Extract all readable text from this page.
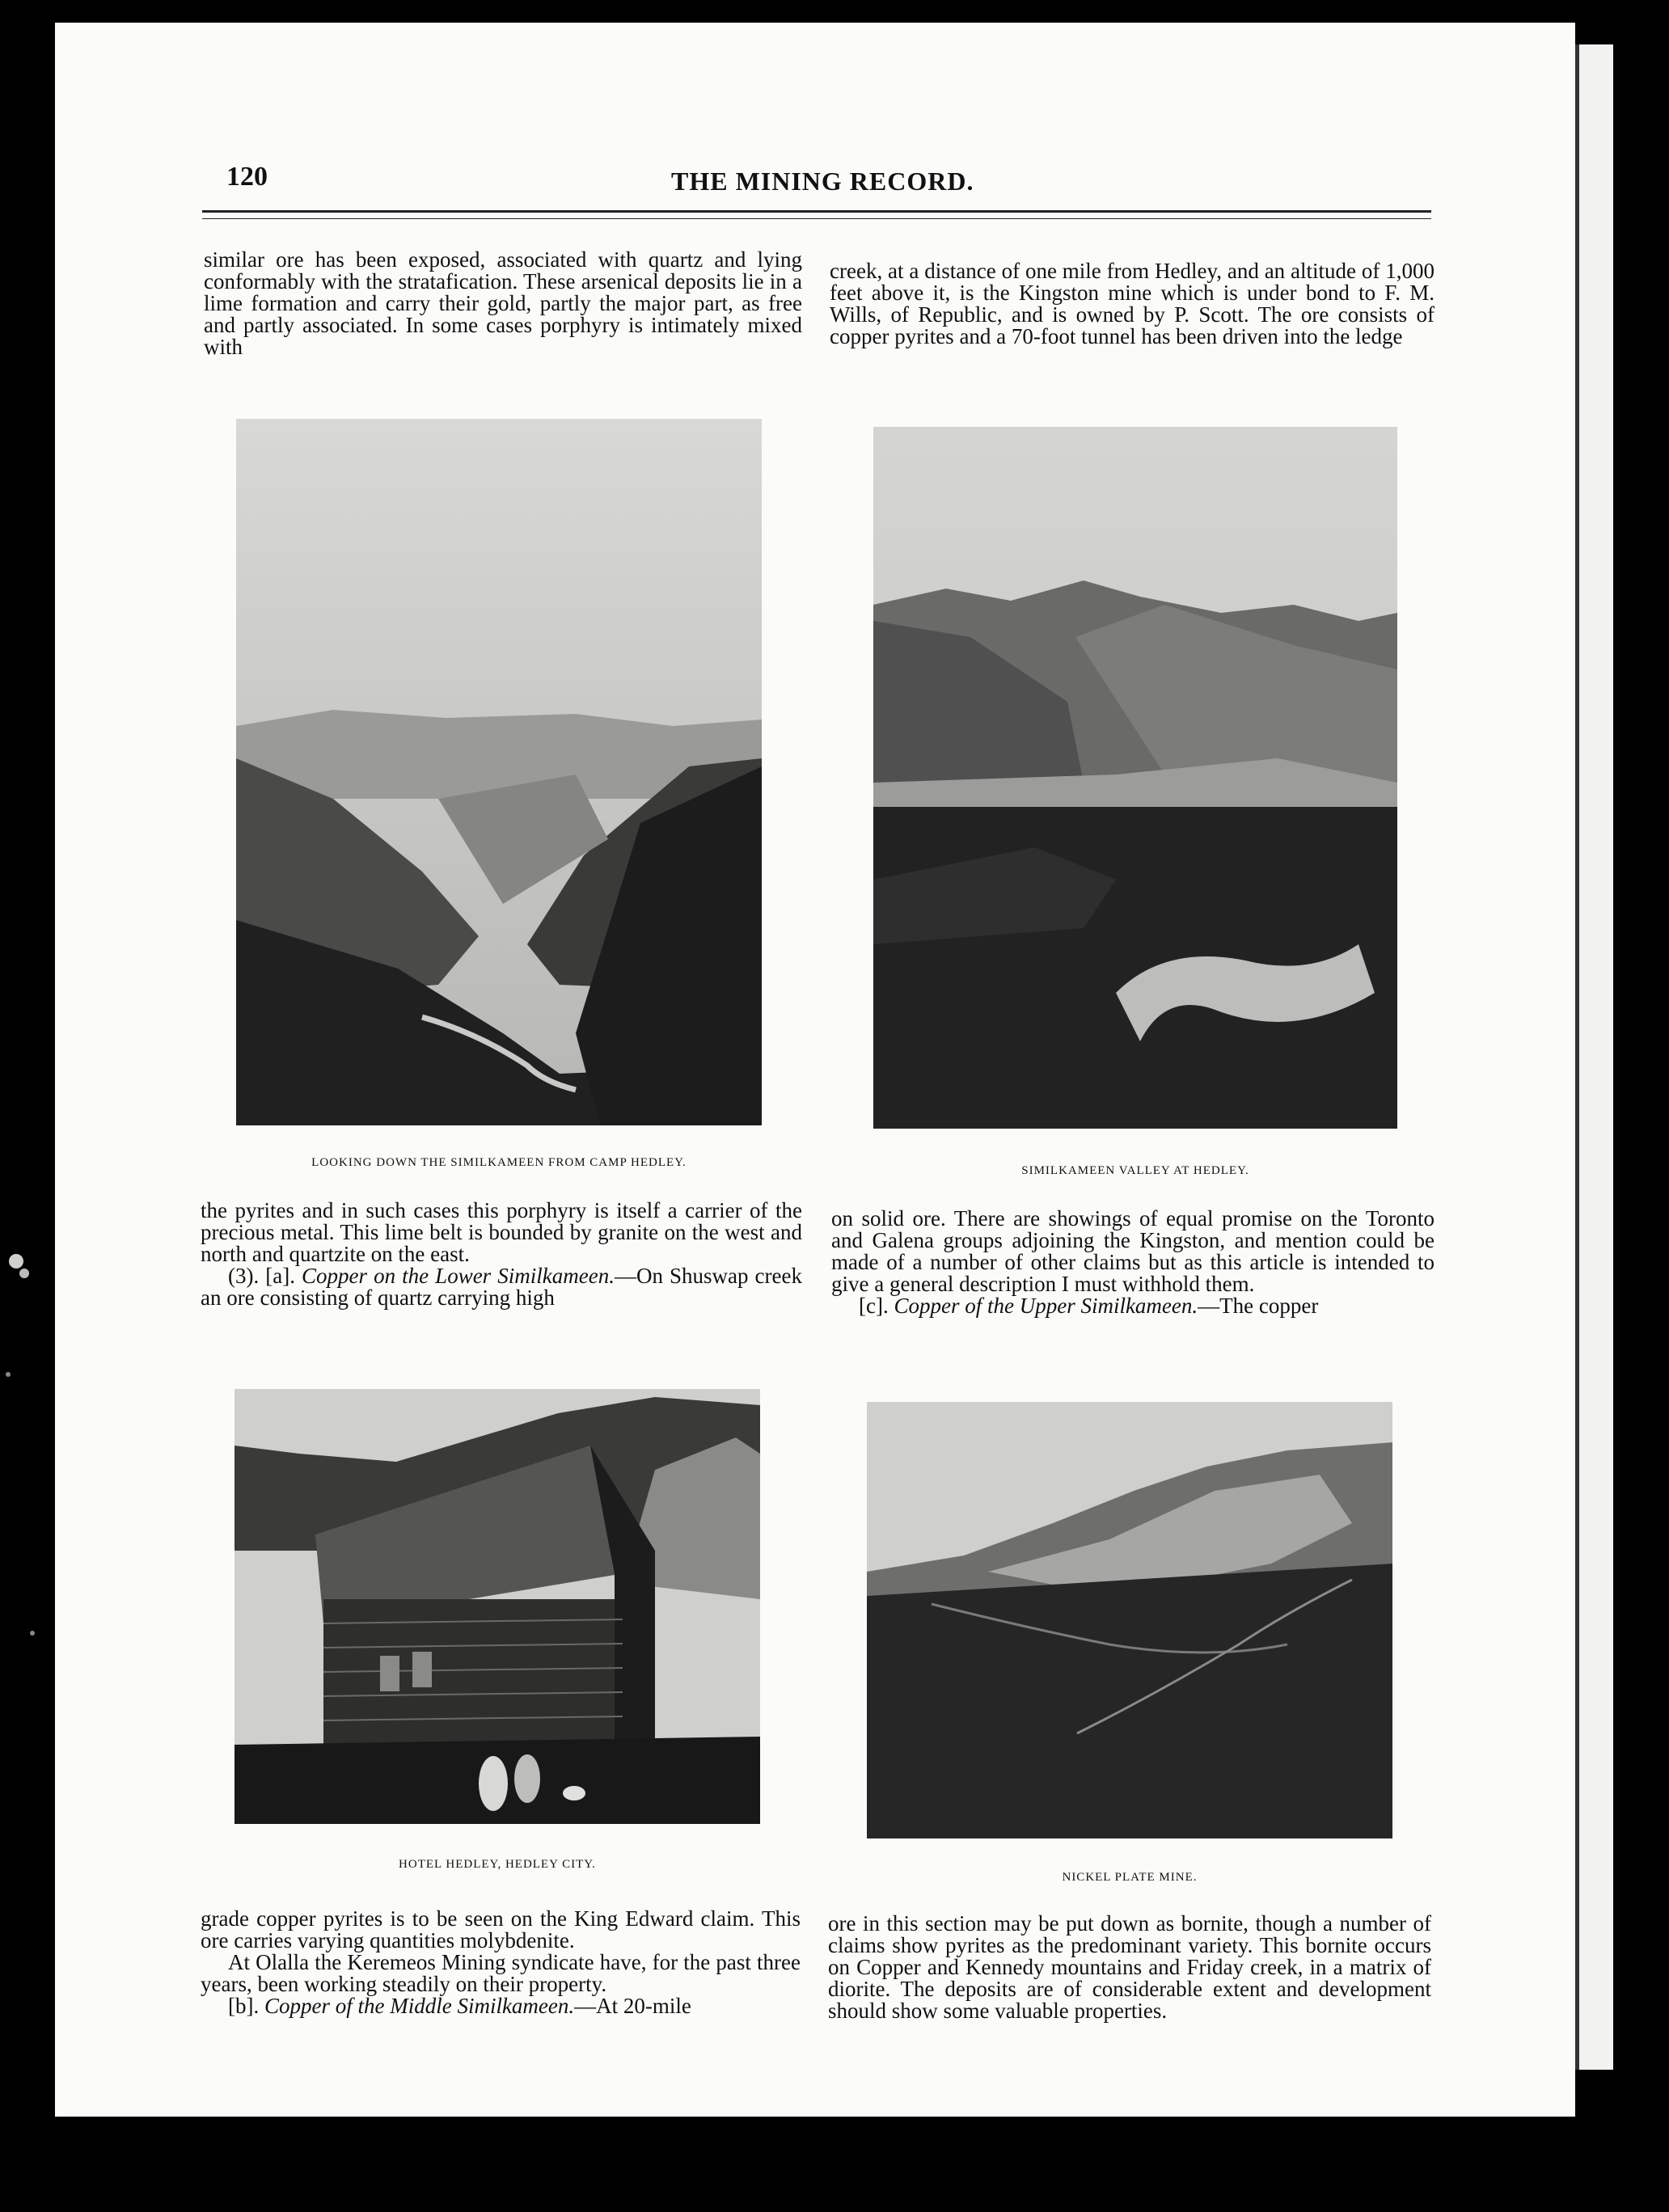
120	THE MINING RECORD.

similar ore has been exposed, associated with quartz and lying conformably with the stratafication. These arsenical deposits lie in a lime formation and carry their gold, partly the major part, as free and partly associated. In some cases porphyry is intimately mixed with

creek, at a distance of one mile from Hedley, and an altitude of 1,000 feet above it, is the Kingston mine which is under bond to F. M. Wills, of Republic, and is owned by P. Scott. The ore consists of copper pyrites and a 70-foot tunnel has been driven into the ledge

LOOKING DOWN THE SIMILKAMEEN FROM CAMP HEDLEY.
SIMILKAMEEN VALLEY AT HEDLEY.

the pyrites and in such cases this porphyry is itself a carrier of the precious metal. This lime belt is bounded by granite on the west and north and quartzite on the east.

(3). [a]. Copper on the Lower Similkameen.—On Shuswap creek an ore consisting of quartz carrying high

on solid ore. There are showings of equal promise on the Toronto and Galena groups adjoining the Kingston, and mention could be made of a number of other claims but as this article is intended to give a general description I must withhold them.

[c]. Copper of the Upper Similkameen.—The copper

HOTEL HEDLEY, HEDLEY CITY.
NICKEL PLATE MINE.

grade copper pyrites is to be seen on the King Edward claim. This ore carries varying quantities molybdenite.

At Olalla the Keremeos Mining syndicate have, for the past three years, been working steadily on their property.

[b]. Copper of the Middle Similkameen.—At 20-mile

ore in this section may be put down as bornite, though a number of claims show pyrites as the predominant variety. This bornite occurs on Copper and Kennedy mountains and Friday creek, in a matrix of diorite. The deposits are of considerable extent and development should show some valuable properties.
